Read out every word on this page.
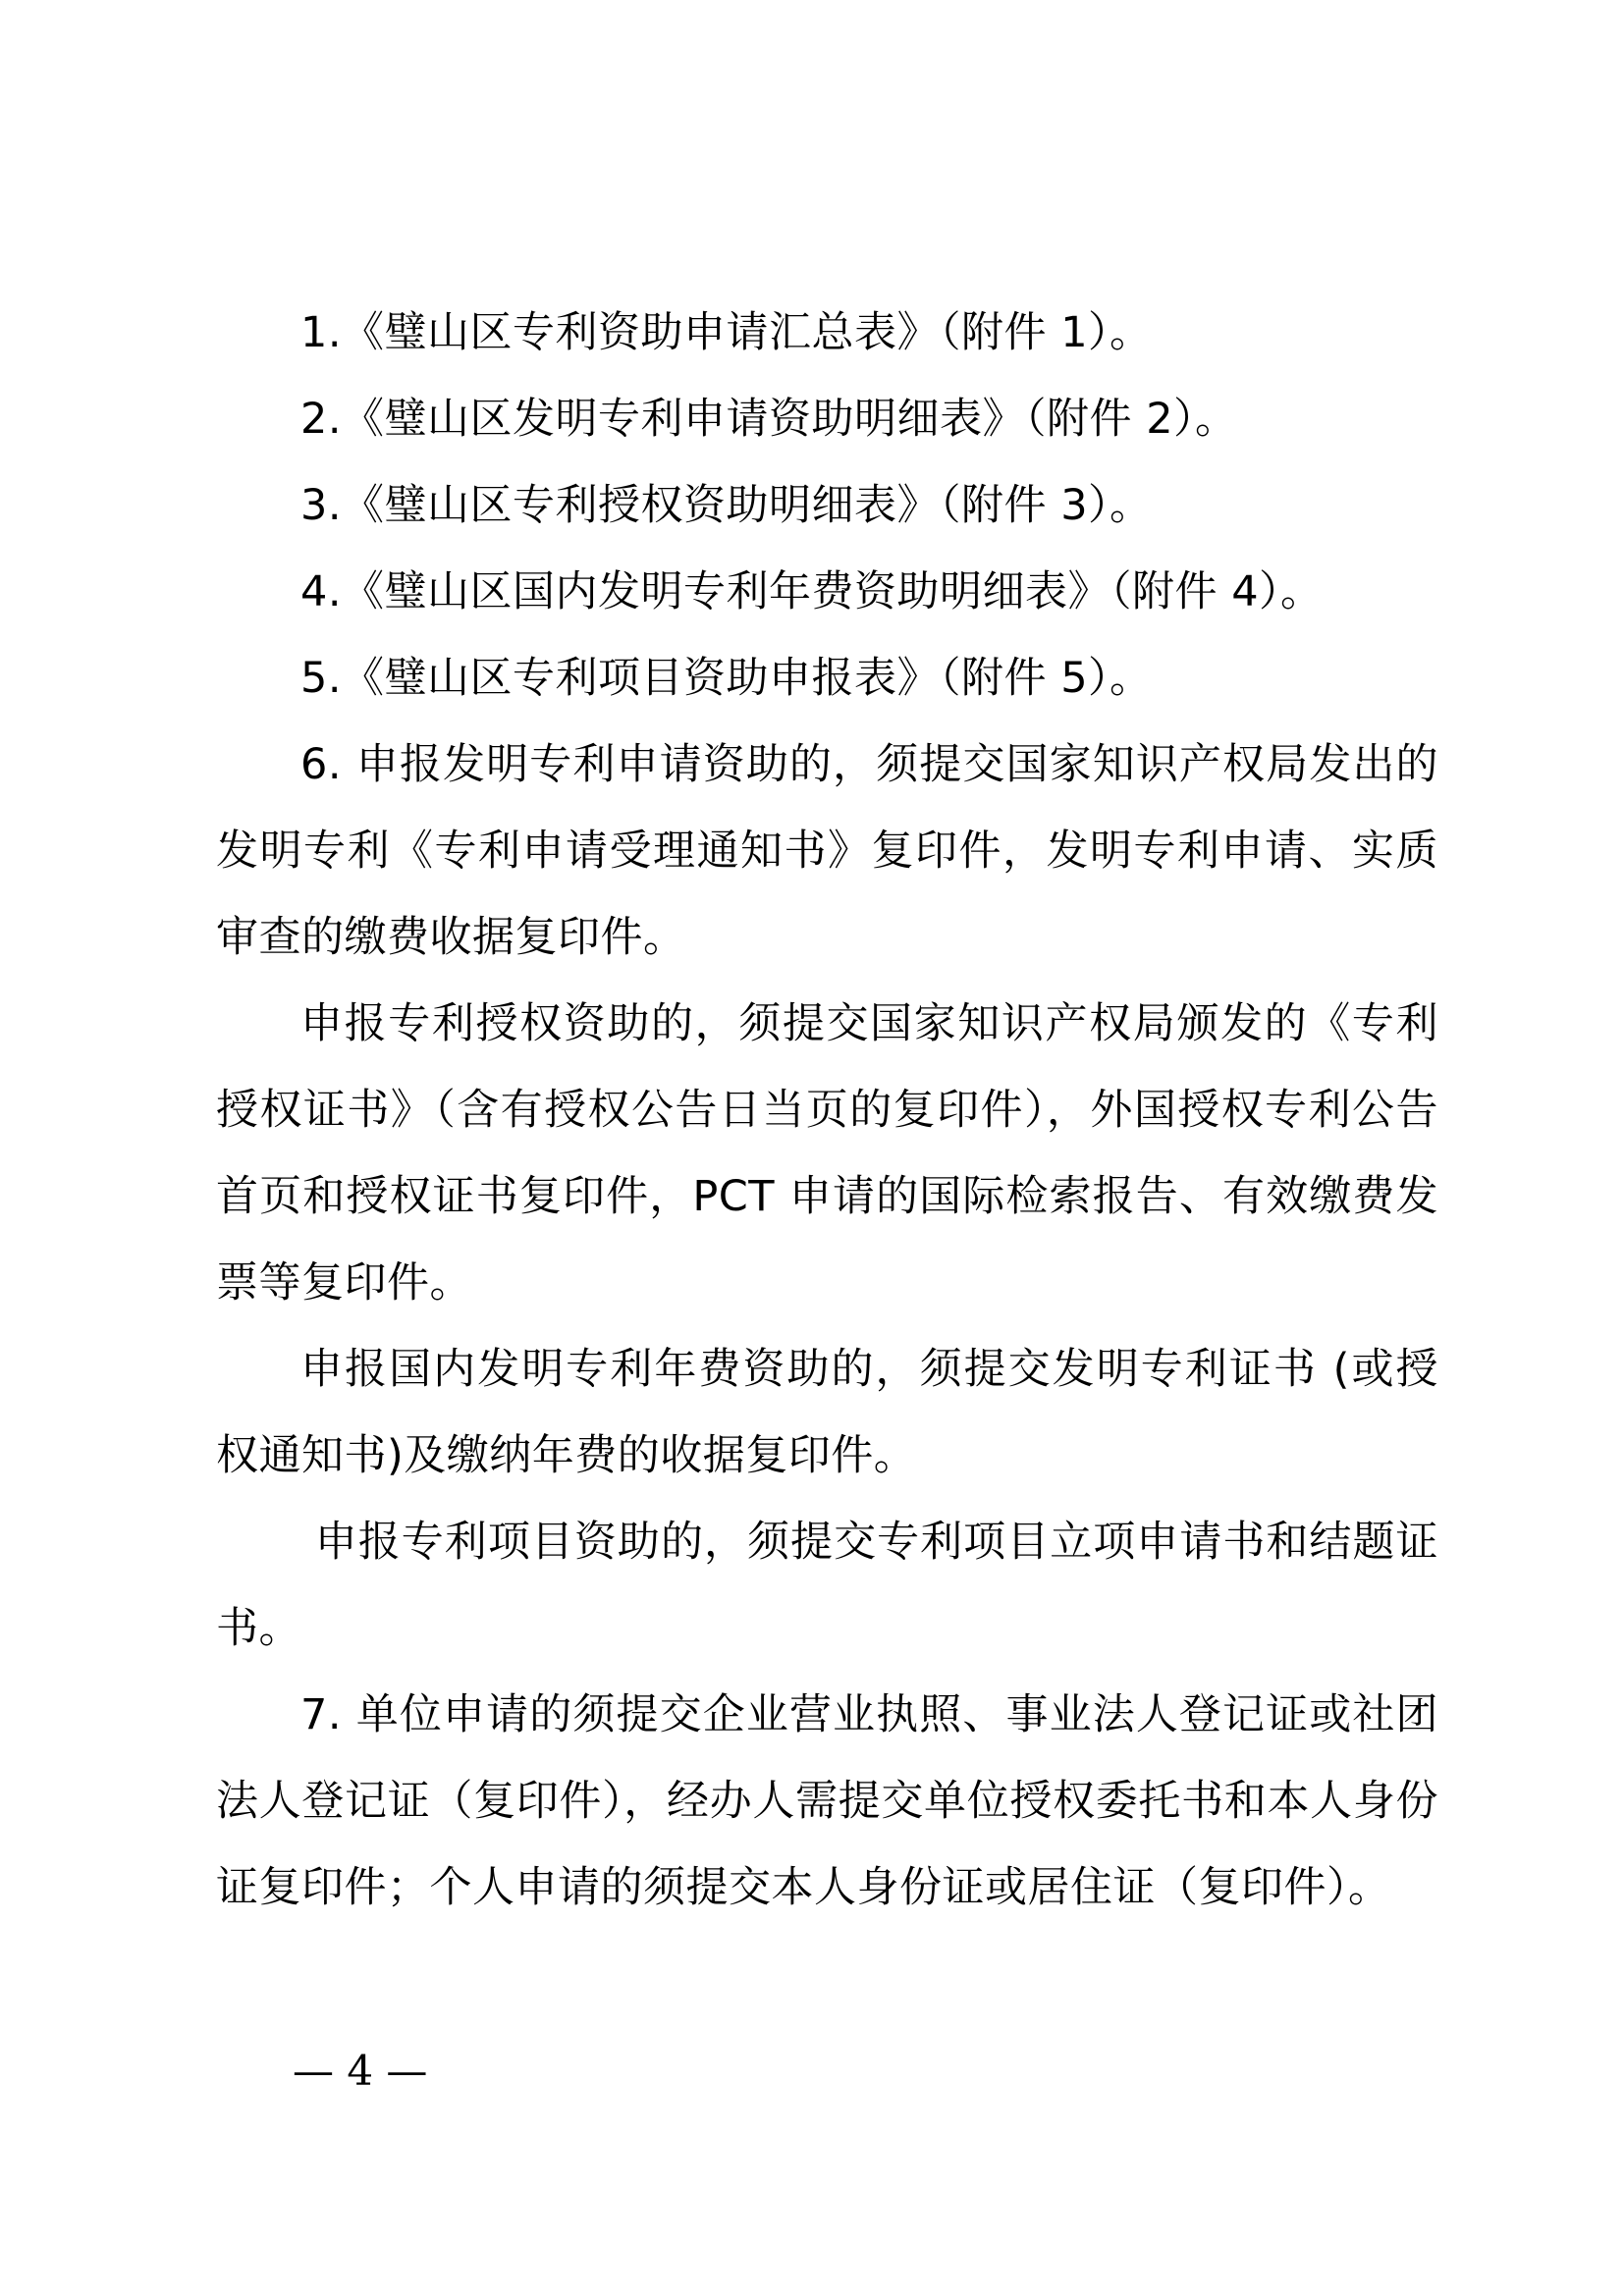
1.《璧山区专利资助申请汇总表》（附件 1）。

2.《璧山区发明专利申请资助明细表》（附件 2）。

3.《璧山区专利授权资助明细表》（附件 3）。

4.《璧山区国内发明专利年费资助明细表》（附件 4）。

5.《璧山区专利项目资助申报表》（附件 5）。

6. 申报发明专利申请资助的，须提交国家知识产权局发出的发明专利《专利申请受理通知书》复印件，发明专利申请、实质审查的缴费收据复印件。

申报专利授权资助的，须提交国家知识产权局颁发的《专利授权证书》（含有授权公告日当页的复印件），外国授权专利公告首页和授权证书复印件，PCT 申请的国际检索报告、有效缴费发票等复印件。

申报国内发明专利年费资助的，须提交发明专利证书 (或授权通知书)及缴纳年费的收据复印件。

申报专利项目资助的，须提交专利项目立项申请书和结题证书。

7. 单位申请的须提交企业营业执照、事业法人登记证或社团法人登记证（复印件），经办人需提交单位授权委托书和本人身份证复印件；个人申请的须提交本人身份证或居住证（复印件）。

— 4 —
